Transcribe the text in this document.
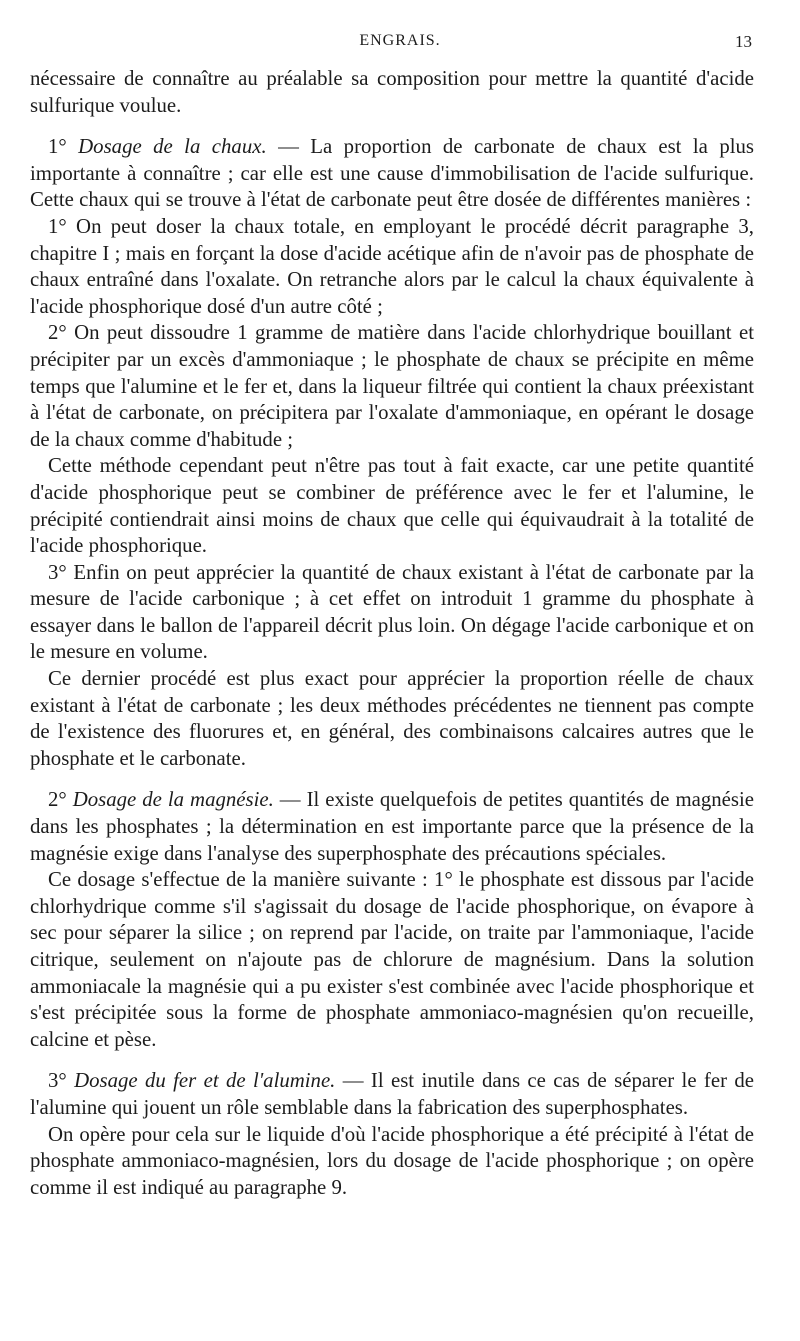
ENGRAIS.	13

nécessaire de connaître au préalable sa composition pour mettre la quantité d'acide sulfurique voulue.

1° Dosage de la chaux. — La proportion de carbonate de chaux est la plus importante à connaître ; car elle est une cause d'immobilisation de l'acide sulfurique. Cette chaux qui se trouve à l'état de carbonate peut être dosée de différentes manières :

1° On peut doser la chaux totale, en employant le procédé décrit paragraphe 3, chapitre I ; mais en forçant la dose d'acide acétique afin de n'avoir pas de phosphate de chaux entraîné dans l'oxalate. On retranche alors par le calcul la chaux équivalente à l'acide phosphorique dosé d'un autre côté ;

2° On peut dissoudre 1 gramme de matière dans l'acide chlorhydrique bouillant et précipiter par un excès d'ammoniaque ; le phosphate de chaux se précipite en même temps que l'alumine et le fer et, dans la liqueur filtrée qui contient la chaux préexistant à l'état de carbonate, on précipitera par l'oxalate d'ammoniaque, en opérant le dosage de la chaux comme d'habitude ;

Cette méthode cependant peut n'être pas tout à fait exacte, car une petite quantité d'acide phosphorique peut se combiner de préférence avec le fer et l'alumine, le précipité contiendrait ainsi moins de chaux que celle qui équivaudrait à la totalité de l'acide phosphorique.

3° Enfin on peut apprécier la quantité de chaux existant à l'état de carbonate par la mesure de l'acide carbonique ; à cet effet on introduit 1 gramme du phosphate à essayer dans le ballon de l'appareil décrit plus loin. On dégage l'acide carbonique et on le mesure en volume.

Ce dernier procédé est plus exact pour apprécier la proportion réelle de chaux existant à l'état de carbonate ; les deux méthodes précédentes ne tiennent pas compte de l'existence des fluorures et, en général, des combinaisons calcaires autres que le phosphate et le carbonate.

2° Dosage de la magnésie. — Il existe quelquefois de petites quantités de magnésie dans les phosphates ; la détermination en est importante parce que la présence de la magnésie exige dans l'analyse des superphosphate des précautions spéciales.

Ce dosage s'effectue de la manière suivante : 1° le phosphate est dissous par l'acide chlorhydrique comme s'il s'agissait du dosage de l'acide phosphorique, on évapore à sec pour séparer la silice ; on reprend par l'acide, on traite par l'ammoniaque, l'acide citrique, seulement on n'ajoute pas de chlorure de magnésium. Dans la solution ammoniacale la magnésie qui a pu exister s'est combinée avec l'acide phosphorique et s'est précipitée sous la forme de phosphate ammoniaco-magnésien qu'on recueille, calcine et pèse.

3° Dosage du fer et de l'alumine. — Il est inutile dans ce cas de séparer le fer de l'alumine qui jouent un rôle semblable dans la fabrication des superphosphates.

On opère pour cela sur le liquide d'où l'acide phosphorique a été précipité à l'état de phosphate ammoniaco-magnésien, lors du dosage de l'acide phosphorique ; on opère comme il est indiqué au paragraphe 9.
